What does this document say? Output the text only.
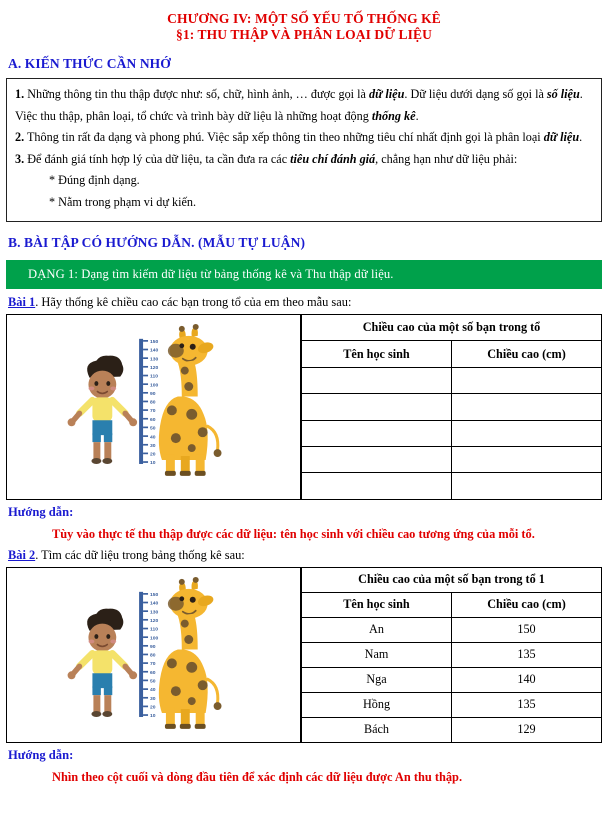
CHƯƠNG IV: MỘT SỐ YẾU TỐ THỐNG KÊ
§1: THU THẬP VÀ PHÂN LOẠI DỮ LIỆU
A. KIẾN THỨC CẦN NHỚ

1. Những thông tin thu thập được như: số, chữ, hình ảnh, … được gọi là dữ liệu. Dữ liệu dưới dạng số gọi là số liệu. Việc thu thập, phân loại, tổ chức và trình bày dữ liệu là những hoạt động thống kê.

2. Thông tin rất đa dạng và phong phú. Việc sắp xếp thông tin theo những tiêu chí nhất định gọi là phân loại dữ liệu.

3. Để đánh giá tính hợp lý của dữ liệu, ta cần đưa ra các tiêu chí đánh giá, chẳng hạn như dữ liệu phải:

* Đúng định dạng.

* Nằm trong phạm vi dự kiến.

B. BÀI TẬP CÓ HƯỚNG DẪN. (MẪU TỰ LUẬN)
DẠNG 1: Dạng tìm kiếm dữ liệu từ bảng thống kê và Thu thập dữ liệu.
Bài 1. Hãy thống kê chiều cao các bạn trong tổ của em theo mẫu sau:
150
140
130
120
110
100
90
80
70
60
50
40
30
20
10
Chiều cao của một số bạn trong tổ	
Tên học sinh	Chiều cao (cm)

Hướng dẫn:
Tùy vào thực tế thu thập được các dữ liệu: tên học sinh với chiều cao tương ứng của mỗi tổ.
Bài 2. Tìm các dữ liệu trong bảng thống kê sau:
150
140
130
120
110
100
90
80
70
60
50
40
30
20
10
Chiều cao của một số bạn trong tổ 1	
Tên học sinh	Chiều cao (cm)
An	150
Nam	135
Nga	140
Hồng	135
Bách	129
Hướng dẫn:
Nhìn theo cột cuối và dòng đầu tiên để xác định các dữ liệu được An thu thập.
